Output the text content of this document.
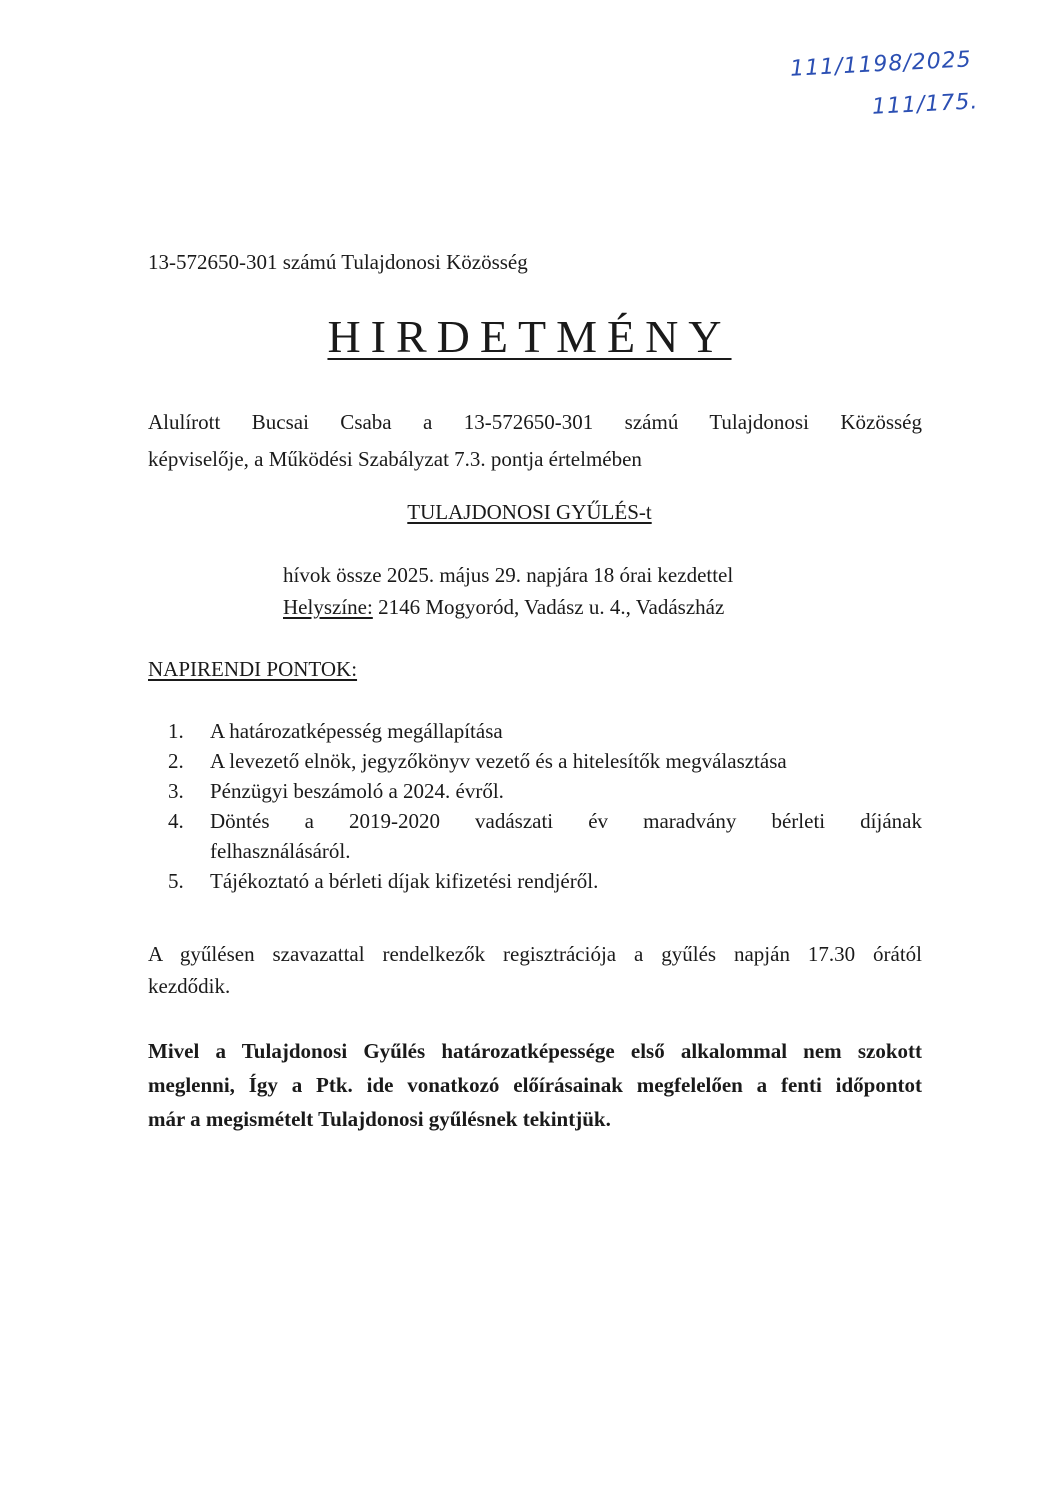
111/1198/2025
111/175.
13-572650-301 számú Tulajdonosi Közösség
HIRDETMÉNY
Alulírott Bucsai Csaba a 13-572650-301 számú Tulajdonosi Közösség
képviselője, a Működési Szabályzat 7.3. pontja értelmében
TULAJDONOSI GYŰLÉS-t
hívok össze 2025. május 29. napjára 18 órai kezdettel
Helyszíne: 2146 Mogyoród, Vadász u. 4., Vadászház
NAPIRENDI PONTOK:
1.	A határozatképesség megállapítása
2.	A levezető elnök, jegyzőkönyv vezető és a hitelesítők megválasztása
3.	Pénzügyi beszámoló a 2024. évről.
4.	Döntés a 2019-2020 vadászati év maradvány bérleti díjának
felhasználásáról.
5.	Tájékoztató a bérleti díjak kifizetési rendjéről.
A gyűlésen szavazattal rendelkezők regisztrációja a gyűlés napján 17.30 órától
kezdődik.
Mivel a Tulajdonosi Gyűlés határozatképessége első alkalommal nem szokott
meglenni, Így a Ptk. ide vonatkozó előírásainak megfelelően a fenti időpontot
már a megismételt Tulajdonosi gyűlésnek tekintjük.
